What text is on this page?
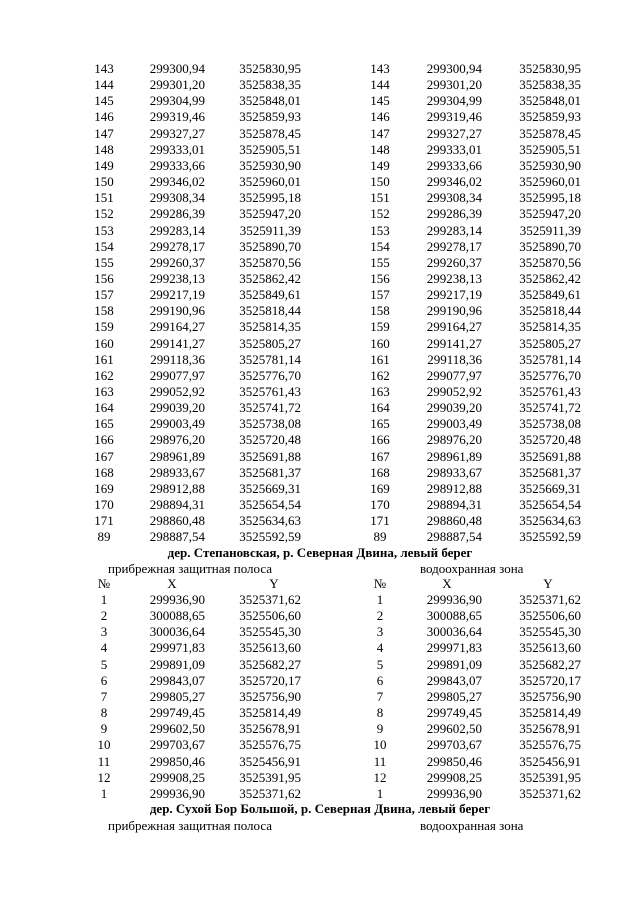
143	299300,94	3525830,95	143	299300,94	3525830,95
144	299301,20	3525838,35	144	299301,20	3525838,35
145	299304,99	3525848,01	145	299304,99	3525848,01
146	299319,46	3525859,93	146	299319,46	3525859,93
147	299327,27	3525878,45	147	299327,27	3525878,45
148	299333,01	3525905,51	148	299333,01	3525905,51
149	299333,66	3525930,90	149	299333,66	3525930,90
150	299346,02	3525960,01	150	299346,02	3525960,01
151	299308,34	3525995,18	151	299308,34	3525995,18
152	299286,39	3525947,20	152	299286,39	3525947,20
153	299283,14	3525911,39	153	299283,14	3525911,39
154	299278,17	3525890,70	154	299278,17	3525890,70
155	299260,37	3525870,56	155	299260,37	3525870,56
156	299238,13	3525862,42	156	299238,13	3525862,42
157	299217,19	3525849,61	157	299217,19	3525849,61
158	299190,96	3525818,44	158	299190,96	3525818,44
159	299164,27	3525814,35	159	299164,27	3525814,35
160	299141,27	3525805,27	160	299141,27	3525805,27
161	299118,36	3525781,14	161	299118,36	3525781,14
162	299077,97	3525776,70	162	299077,97	3525776,70
163	299052,92	3525761,43	163	299052,92	3525761,43
164	299039,20	3525741,72	164	299039,20	3525741,72
165	299003,49	3525738,08	165	299003,49	3525738,08
166	298976,20	3525720,48	166	298976,20	3525720,48
167	298961,89	3525691,88	167	298961,89	3525691,88
168	298933,67	3525681,37	168	298933,67	3525681,37
169	298912,88	3525669,31	169	298912,88	3525669,31
170	298894,31	3525654,54	170	298894,31	3525654,54
171	298860,48	3525634,63	171	298860,48	3525634,63
89	298887,54	3525592,59	89	298887,54	3525592,59
дер. Степановская, р. Северная Двина, левый берег
прибрежная защитная полоса	водоохранная зона
№	X	Y	№	X	Y
1	299936,90	3525371,62	1	299936,90	3525371,62
2	300088,65	3525506,60	2	300088,65	3525506,60
3	300036,64	3525545,30	3	300036,64	3525545,30
4	299971,83	3525613,60	4	299971,83	3525613,60
5	299891,09	3525682,27	5	299891,09	3525682,27
6	299843,07	3525720,17	6	299843,07	3525720,17
7	299805,27	3525756,90	7	299805,27	3525756,90
8	299749,45	3525814,49	8	299749,45	3525814,49
9	299602,50	3525678,91	9	299602,50	3525678,91
10	299703,67	3525576,75	10	299703,67	3525576,75
11	299850,46	3525456,91	11	299850,46	3525456,91
12	299908,25	3525391,95	12	299908,25	3525391,95
1	299936,90	3525371,62	1	299936,90	3525371,62
дер. Сухой Бор Большой, р. Северная Двина, левый берег
прибрежная защитная полоса	водоохранная зона
